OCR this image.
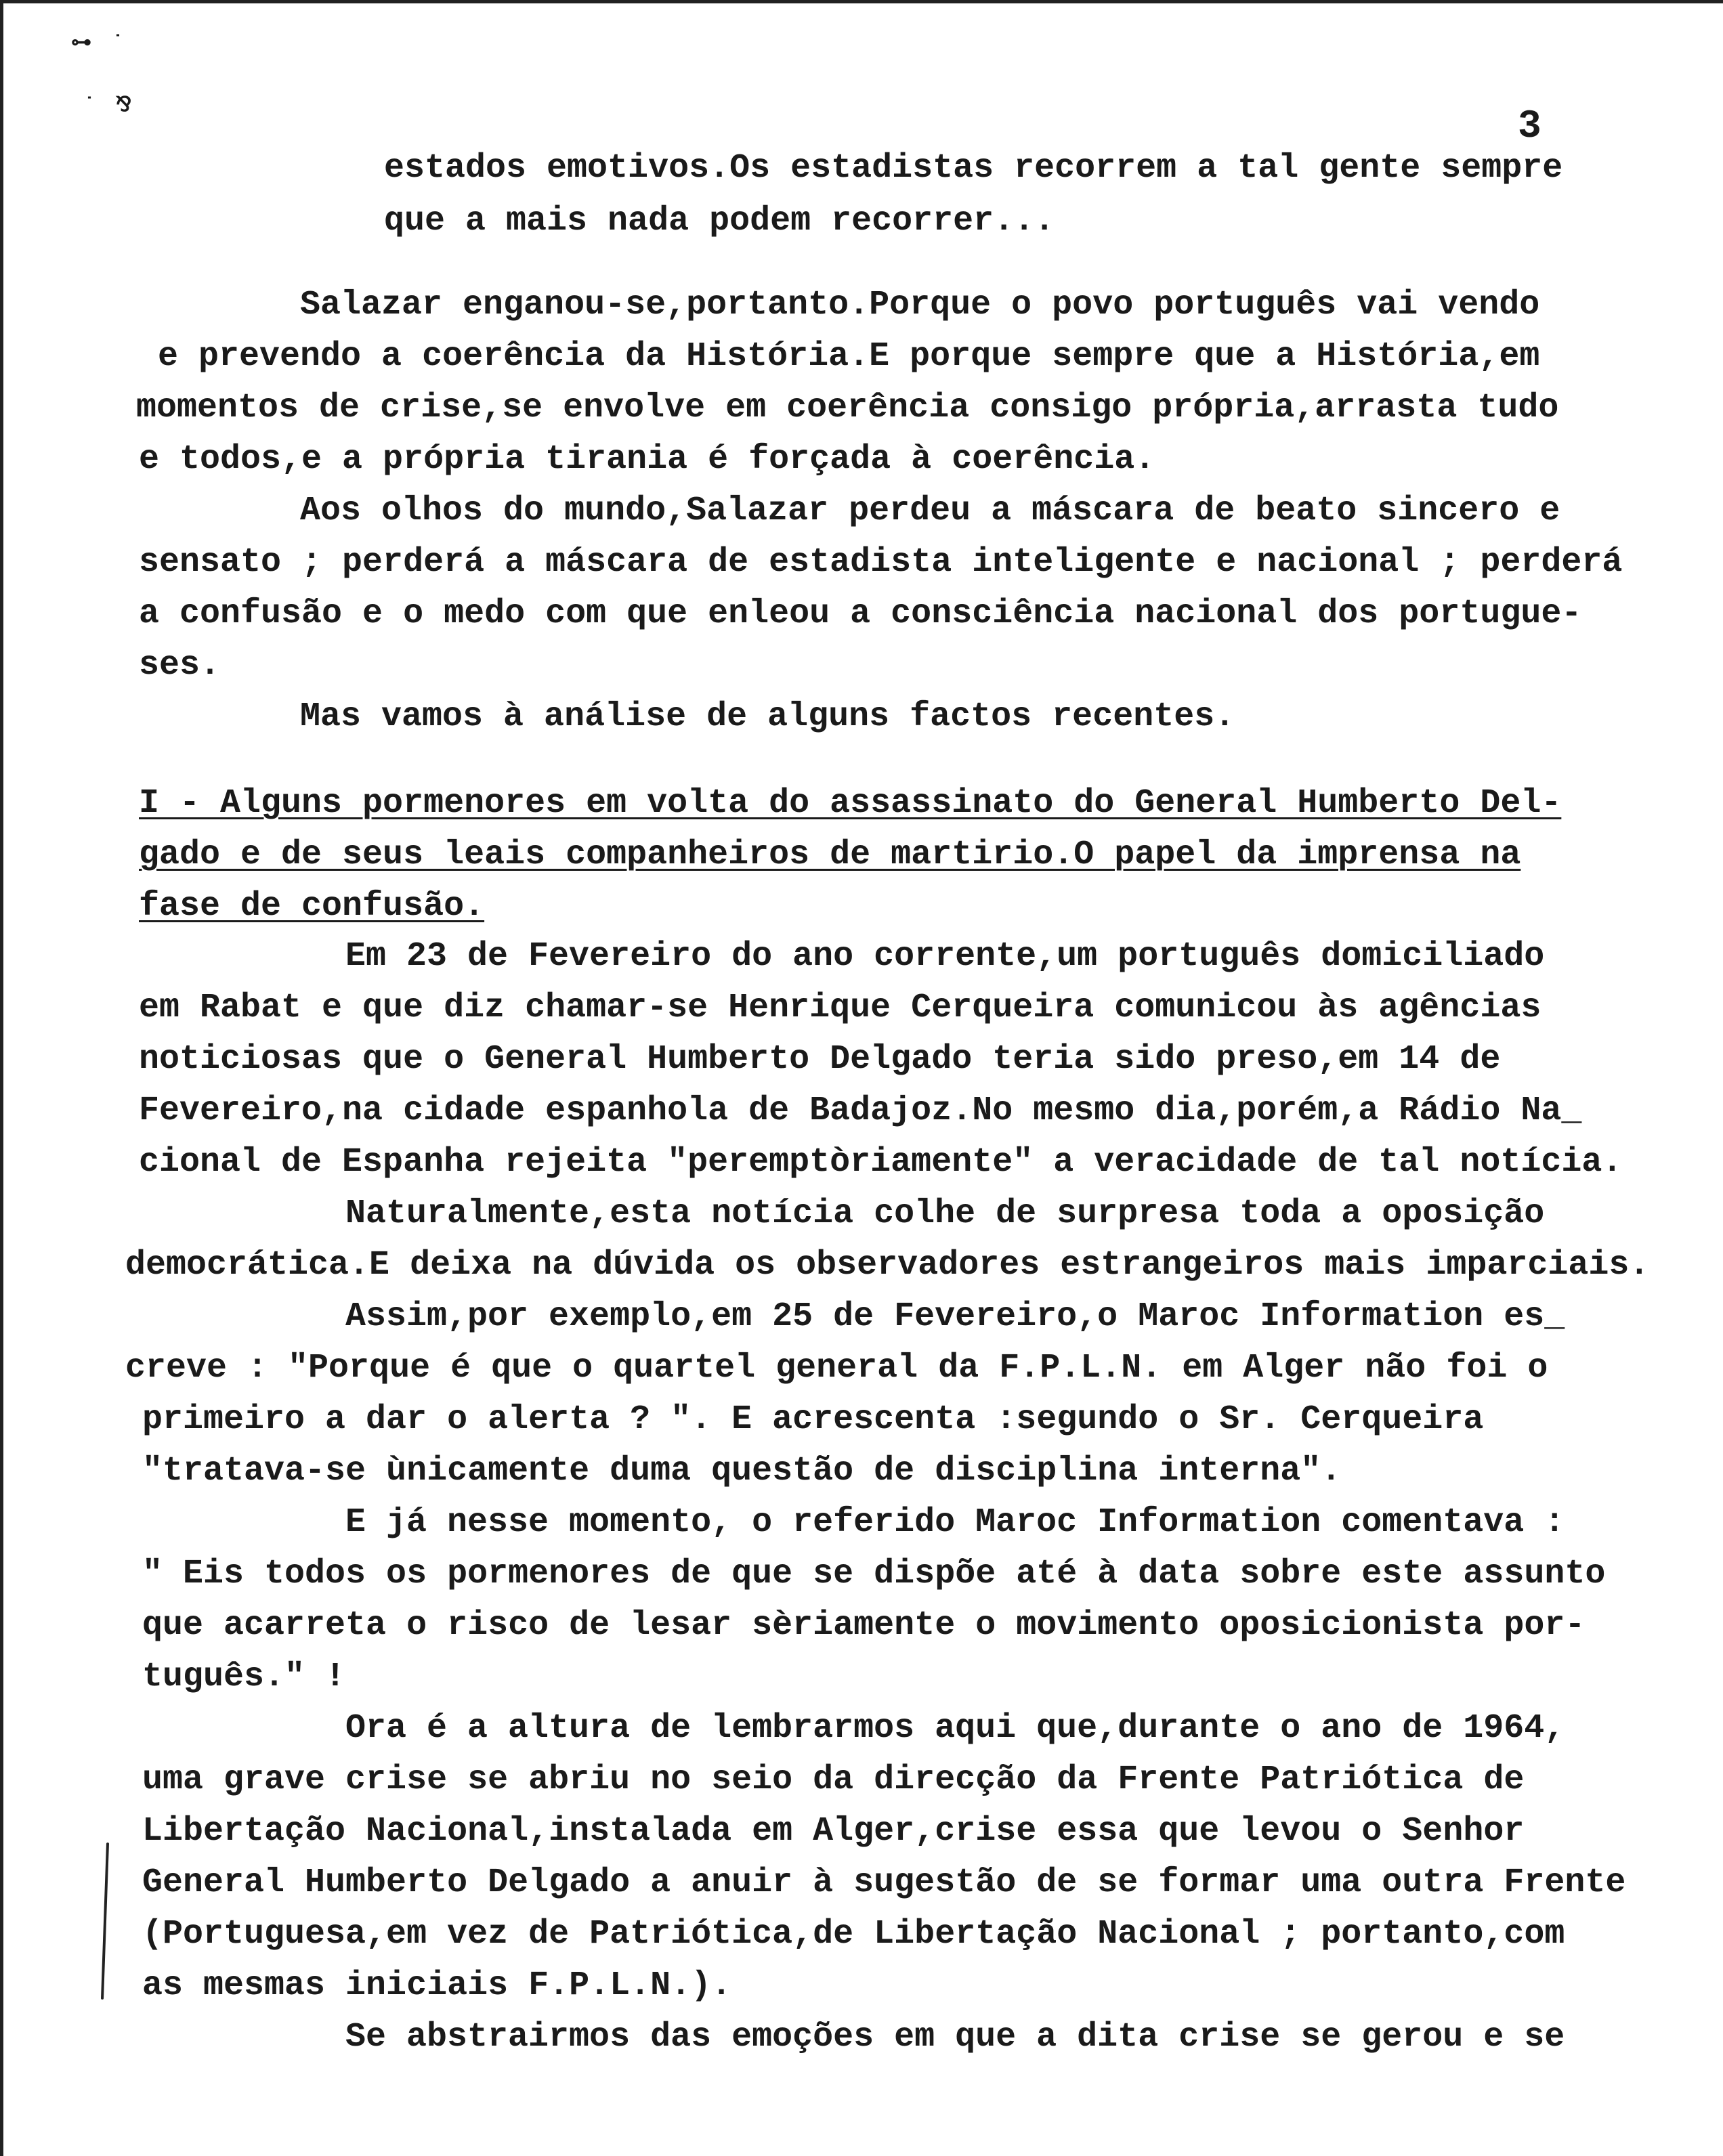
⊶ ˙
˙ ⅋	3
estados emotivos.Os estadistas recorrem a tal gente sempre
que a mais nada podem recorrer...
Salazar enganou-se,portanto.Porque o povo português vai vendo
e prevendo a coerência da História.E porque sempre que a História,em
momentos de crise,se envolve em coerência consigo própria,arrasta tudo
e todos,e a própria tirania é forçada à coerência.
Aos olhos do mundo,Salazar perdeu a máscara de beato sincero e
sensato ; perderá a máscara de estadista inteligente e nacional ; perderá
a confusão e o medo com que enleou a consciência nacional dos portugue-
ses.
Mas vamos à análise de alguns factos recentes.
I - Alguns pormenores em volta do assassinato do General Humberto Del-
gado e de seus leais companheiros de martirio.O papel da imprensa na
fase de confusão.
Em 23 de Fevereiro do ano corrente,um português domiciliado
em Rabat e que diz chamar-se Henrique Cerqueira comunicou às agências
noticiosas que o General Humberto Delgado teria sido preso,em 14 de
Fevereiro,na cidade espanhola de Badajoz.No mesmo dia,porém,a Rádio Na_
cional de Espanha rejeita "peremptòriamente" a veracidade de tal notícia.
Naturalmente,esta notícia colhe de surpresa toda a oposição
democrática.E deixa na dúvida os observadores estrangeiros mais imparciais.
Assim,por exemplo,em 25 de Fevereiro,o Maroc Information es_
creve : "Porque é que o quartel general da F.P.L.N. em Alger não foi o
primeiro a dar o alerta ? ". E acrescenta :segundo o Sr. Cerqueira
"tratava-se ùnicamente duma questão de disciplina interna".
E já nesse momento, o referido Maroc Information comentava :
" Eis todos os pormenores de que se dispõe até à data sobre este assunto
que acarreta o risco de lesar sèriamente o movimento oposicionista por-
tuguês." !
Ora é a altura de lembrarmos aqui que,durante o ano de 1964,
uma grave crise se abriu no seio da direcção da Frente Patriótica de
Libertação Nacional,instalada em Alger,crise essa que levou o Senhor
General Humberto Delgado a anuir à sugestão de se formar uma outra Frente
(Portuguesa,em vez de Patriótica,de Libertação Nacional ; portanto,com
as mesmas iniciais F.P.L.N.).
Se abstrairmos das emoções em que a dita crise se gerou e se
